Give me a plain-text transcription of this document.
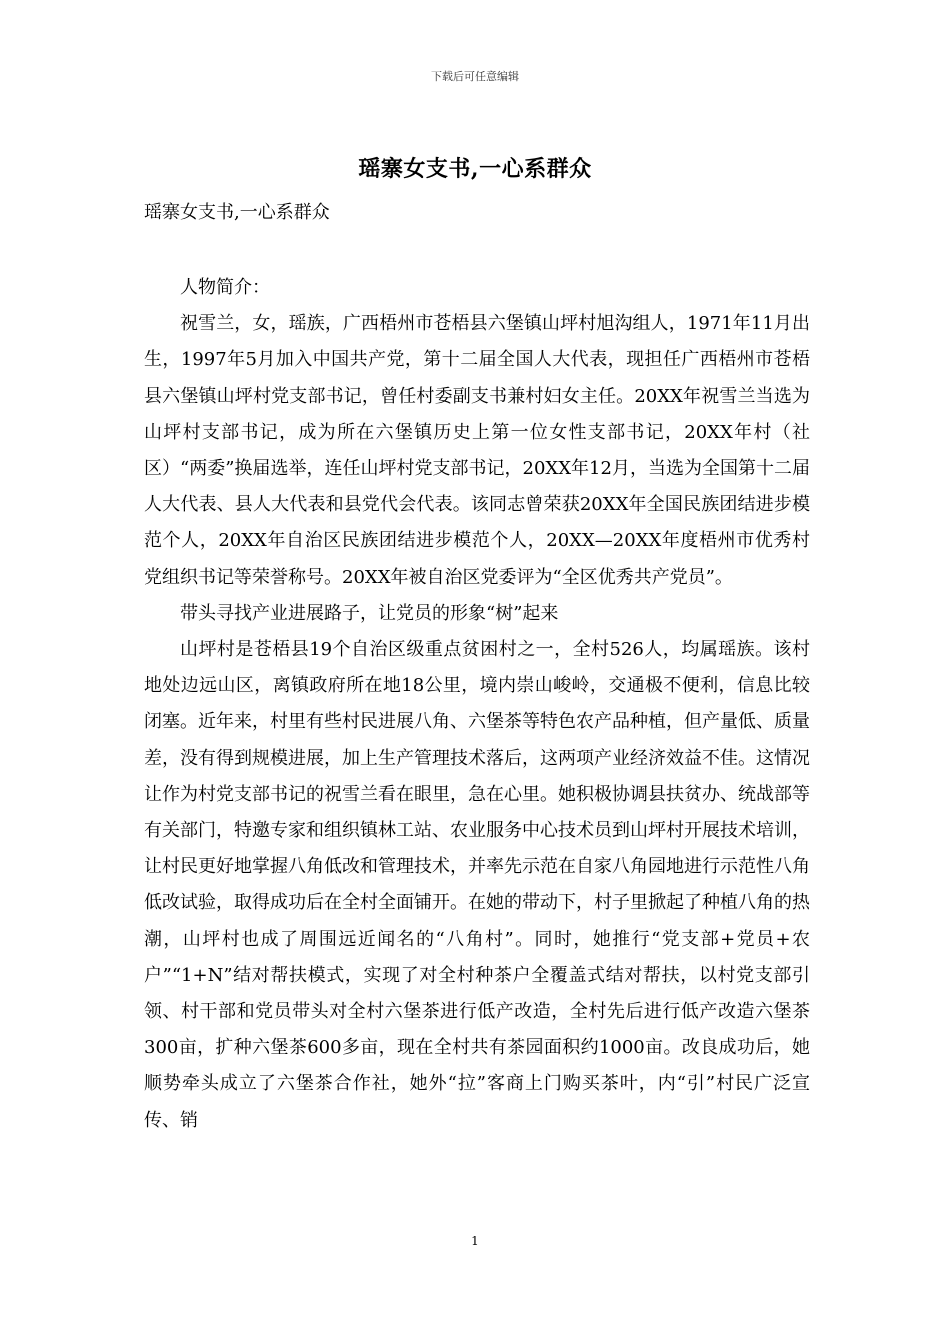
下载后可任意编辑
瑶寨女支书,一心系群众
瑶寨女支书,一心系群众

人物简介：

祝雪兰，女，瑶族，广西梧州市苍梧县六堡镇山坪村旭沟组人，1971年11月出生，1997年5月加入中国共产党，第十二届全国人大代表，现担任广西梧州市苍梧县六堡镇山坪村党支部书记，曾任村委副支书兼村妇女主任。20XX年祝雪兰当选为山坪村支部书记，成为所在六堡镇历史上第一位女性支部书记，20XX年村（社区）“两委”换届选举，连任山坪村党支部书记，20XX年12月，当选为全国第十二届人大代表、县人大代表和县党代会代表。该同志曾荣获20XX年全国民族团结进步模范个人，20XX年自治区民族团结进步模范个人，20XX—20XX年度梧州市优秀村党组织书记等荣誉称号。20XX年被自治区党委评为“全区优秀共产党员”。

带头寻找产业进展路子，让党员的形象“树”起来

山坪村是苍梧县19个自治区级重点贫困村之一，全村526人，均属瑶族。该村地处边远山区，离镇政府所在地18公里，境内崇山峻岭，交通极不便利，信息比较闭塞。近年来，村里有些村民进展八角、六堡茶等特色农产品种植，但产量低、质量差，没有得到规模进展，加上生产管理技术落后，这两项产业经济效益不佳。这情况让作为村党支部书记的祝雪兰看在眼里，急在心里。她积极协调县扶贫办、统战部等有关部门，特邀专家和组织镇林工站、农业服务中心技术员到山坪村开展技术培训，让村民更好地掌握八角低改和管理技术，并率先示范在自家八角园地进行示范性八角低改试验，取得成功后在全村全面铺开。在她的带动下，村子里掀起了种植八角的热潮，山坪村也成了周围远近闻名的“八角村”。同时，她推行“党支部+党员+农户”“1+N”结对帮扶模式，实现了对全村种茶户全覆盖式结对帮扶，以村党支部引领、村干部和党员带头对全村六堡茶进行低产改造，全村先后进行低产改造六堡茶300亩，扩种六堡茶600多亩，现在全村共有茶园面积约1000亩。改良成功后，她顺势牵头成立了六堡茶合作社，她外“拉”客商上门购买茶叶，内“引”村民广泛宣传、销

1
